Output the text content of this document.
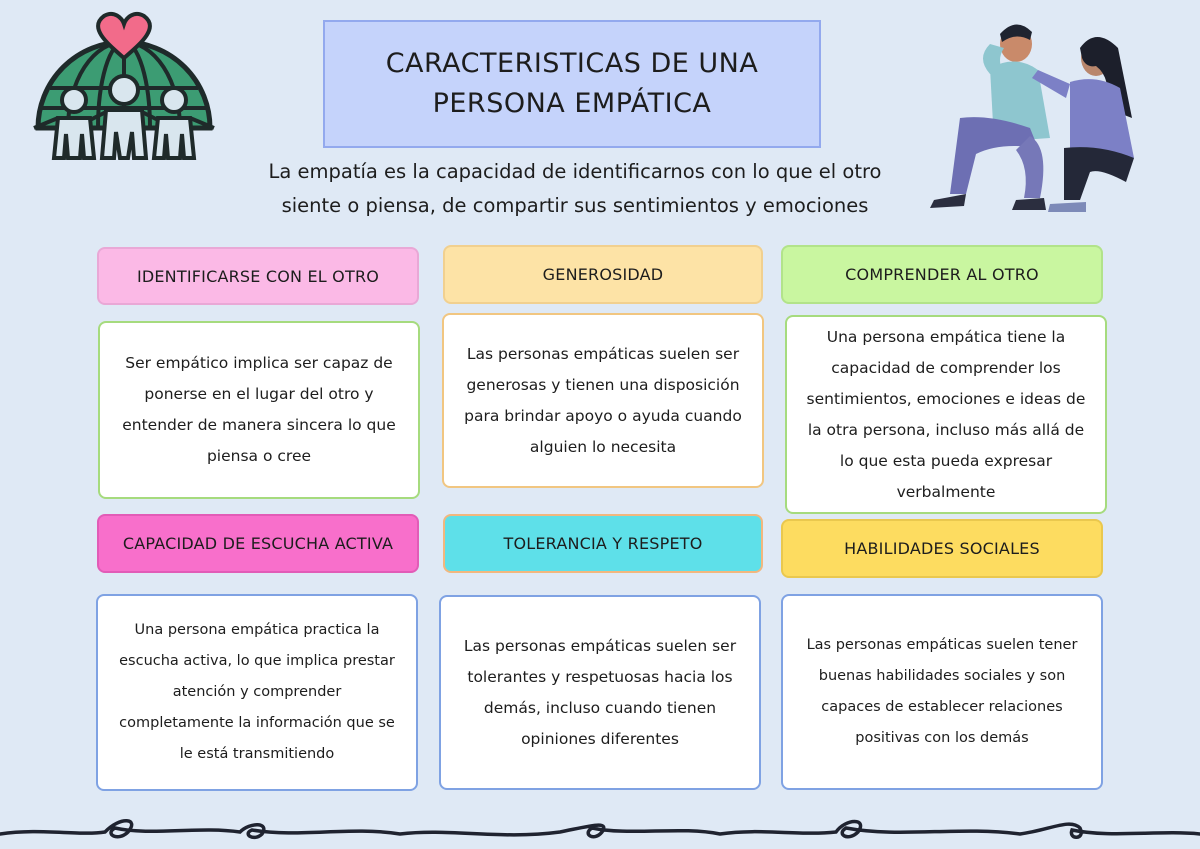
CARACTERISTICAS DE UNA PERSONA EMPÁTICA
La empatía es la capacidad de identificarnos con lo que el otro siente o piensa, de compartir sus sentimientos y emociones
IDENTIFICARSE CON EL OTRO	GENEROSIDAD	COMPRENDER AL OTRO
Ser empático implica ser capaz de ponerse en el lugar del otro y entender de manera sincera lo que piensa o cree
Las personas empáticas suelen ser generosas y tienen una disposición para brindar apoyo o ayuda cuando alguien lo necesita
Una persona empática tiene la capacidad de comprender los sentimientos, emociones e ideas de la otra persona, incluso más allá de lo que esta pueda expresar verbalmente
CAPACIDAD DE ESCUCHA ACTIVA	TOLERANCIA Y RESPETO	HABILIDADES SOCIALES
Una persona empática practica la escucha activa, lo que implica prestar atención y comprender completamente la información que se le está transmitiendo
Las personas empáticas suelen ser tolerantes y respetuosas hacia los demás, incluso cuando tienen opiniones diferentes
Las personas empáticas suelen tener buenas habilidades sociales y son capaces de establecer relaciones positivas con los demás
